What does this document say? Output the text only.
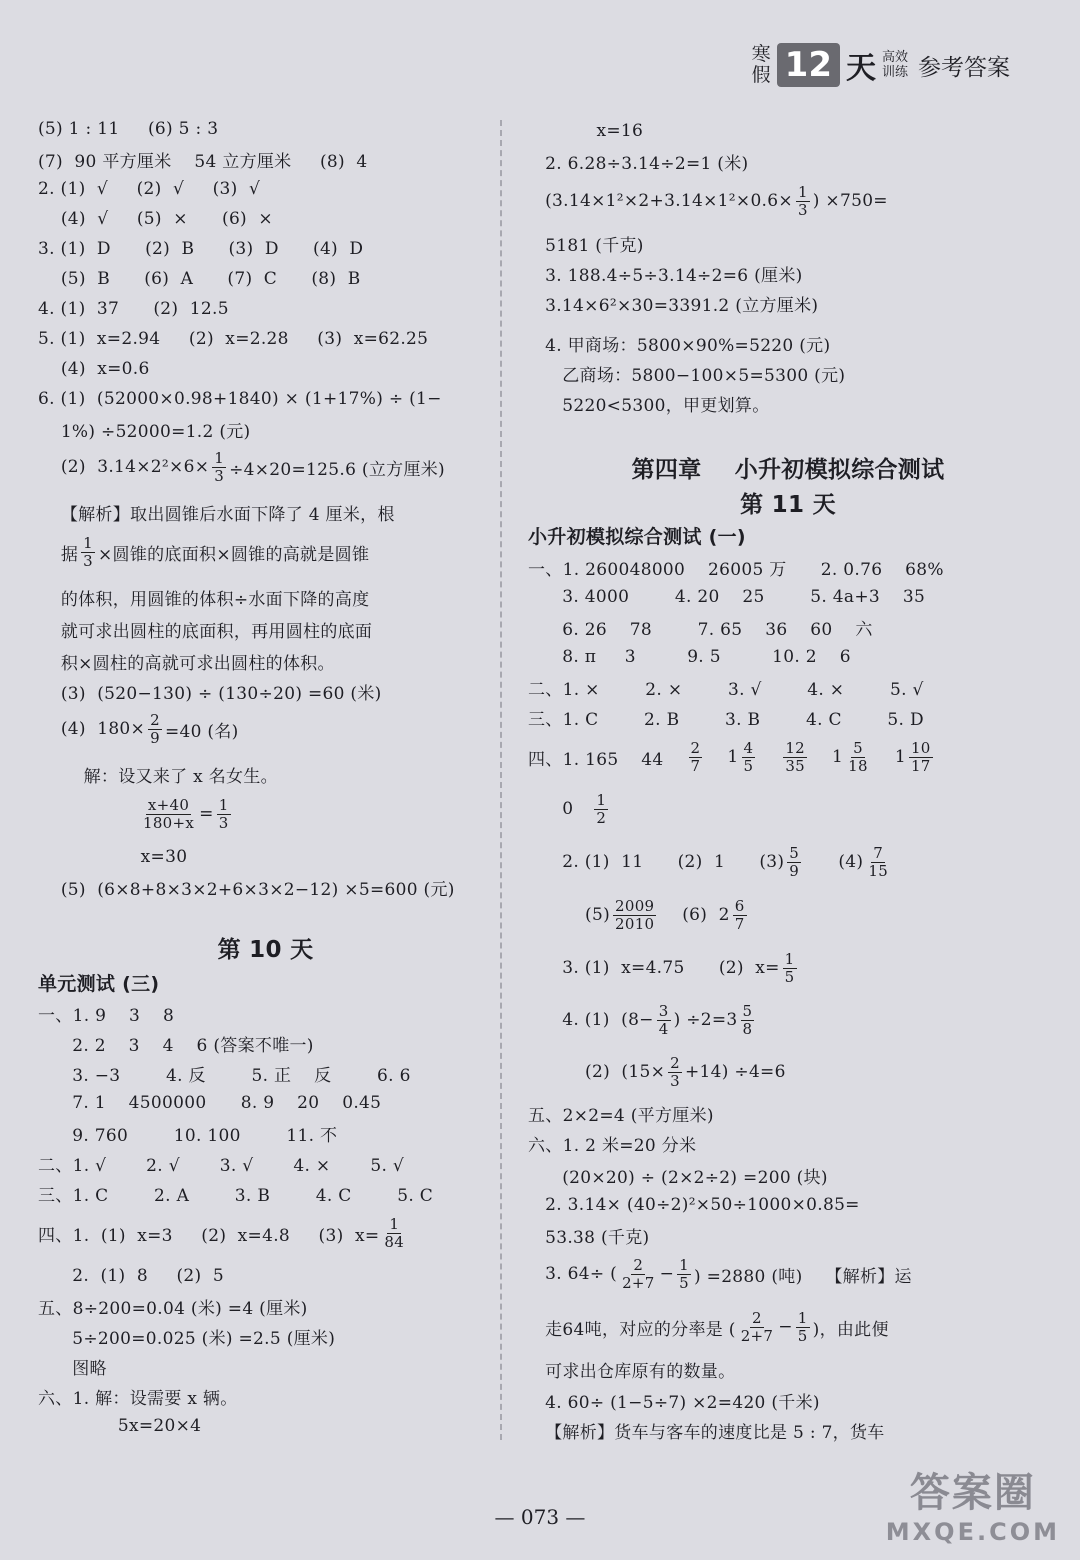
寒
假 12 天 高效
训练 参考答案
(5) 1 : 11     (6) 5 : 3
(7)  90 平方厘米    54 立方厘米     (8)  4
2. (1)  √     (2)  √     (3)  √
(4)  √     (5)  ×      (6)  ×
3. (1)  D      (2)  B      (3)  D      (4)  D
(5)  B      (6)  A      (7)  C      (8)  B
4. (1)  37      (2)  12.5
5. (1)  x=2.94     (2)  x=2.28     (3)  x=62.25
(4)  x=0.6
6. (1)  (52000×0.98+1840) × (1+17%) ÷ (1−
1%) ÷52000=1.2 (元)
(2)  $3.14\times 2^2\times 6\times \frac{1}{3} \div 4\times 20=125.6$ (立方厘米)
【解析】取出圆锥后水面下降了 4 厘米，根
据 $\frac{1}{3}$ ×圆锥的底面积×圆锥的高就是圆锥
的体积，用圆锥的体积÷水面下降的高度
就可求出圆柱的底面积，再用圆柱的底面
积×圆柱的高就可求出圆柱的体积。
(3)  (520−130) ÷ (130÷20) =60 (米)
(4)  $180\times \frac{2}{9} =40$ (名)
解：设又来了 x 名女生。
$\frac{x+40}{180+x} = \frac{1}{3}$
x=30
(5)  (6×8+8×3×2+6×3×2−12) ×5=600 (元)
第 10 天
单元测试 (三)
一、1. 9    3    8
2. 2    3    4    6 (答案不唯一)
3. −3        4. 反        5. 正    反        6. 6
7. 1    4500000      8. 9    20    0.45
9. 760        10. 100        11. 不
二、1. √       2. √       3. √       4. ×       5. √
三、1. C        2. A        3. B        4. C        5. C
四、1.  (1)  x=3     (2)  x=4.8     (3)  $x= \frac{1}{84}$
2.  (1)  8     (2)  5
五、8÷200=0.04 (米) =4 (厘米)
5÷200=0.025 (米) =2.5 (厘米)
图略
六、1. 解：设需要 x 辆。
5x=20×4
x=16
2. 6.28÷3.14÷2=1 (米)
($3.14\times 1^2\times 2+3.14\times 1^2\times 0.6\times \frac{1}{3}$ ) ×750=
5181 (千克)
3. 188.4÷5÷3.14÷2=6 (厘米)
3.14×6²×30=3391.2 (立方厘米)
4. 甲商场：5800×90%=5220 (元)
乙商场：5800−100×5=5300 (元)
5220<5300，甲更划算。
第四章    小升初模拟综合测试
第 11 天
小升初模拟综合测试 (一)
一、1. 260048000    26005 万      2. 0.76    68%
3. 4000        4. 20    25        5. 4a+3    35
6. 26    78        7. 65    36    60    六
8. π     3         9. 5         10. 2    6
二、1. ×        2. ×        3. √        4. ×        5. √
三、1. C        2. B        3. B        4. C        5. D
四、1. 165    $44 \frac{2}{7} 1 \frac{4}{5} \frac{12}{35} 1 \frac{5}{18} 1 \frac{10}{17}$
$0 \frac{1}{2}$
2. (1)  11      (2)  1      $(3) \frac{5}{9} (4) \frac{7}{15}$
$(5) \frac{2009}{2010} (6)$  $2 \frac{6}{7}$
3. (1)  x=4.75      (2)  $x= \frac{1}{5}$
4. (1)  ($8- \frac{3}{4}$ ) $\div 2=3 \frac{5}{8}$
(2)  $(15\times \frac{2}{3} +14) \div 4=6$
五、2×2=4 (平方厘米)
六、1. 2 米=20 分米
(20×20) ÷ (2×2÷2) =200 (块)
2. 3.14× (40÷2)²×50÷1000×0.85=
53.38 (千克)
3. 64÷ ( $\frac{2}{2+7} - \frac{1}{5}$ ) =2880 (吨)    【解析】运
走64吨，对应的分率是 ( $\frac{2}{2+7} - \frac{1}{5}$ )，由此便
可求出仓库原有的数量。
4. 60÷ (1−5÷7) ×2=420 (千米)
【解析】货车与客车的速度比是 5 : 7，货车
— 073 —
答案圈
MXQE.COM
